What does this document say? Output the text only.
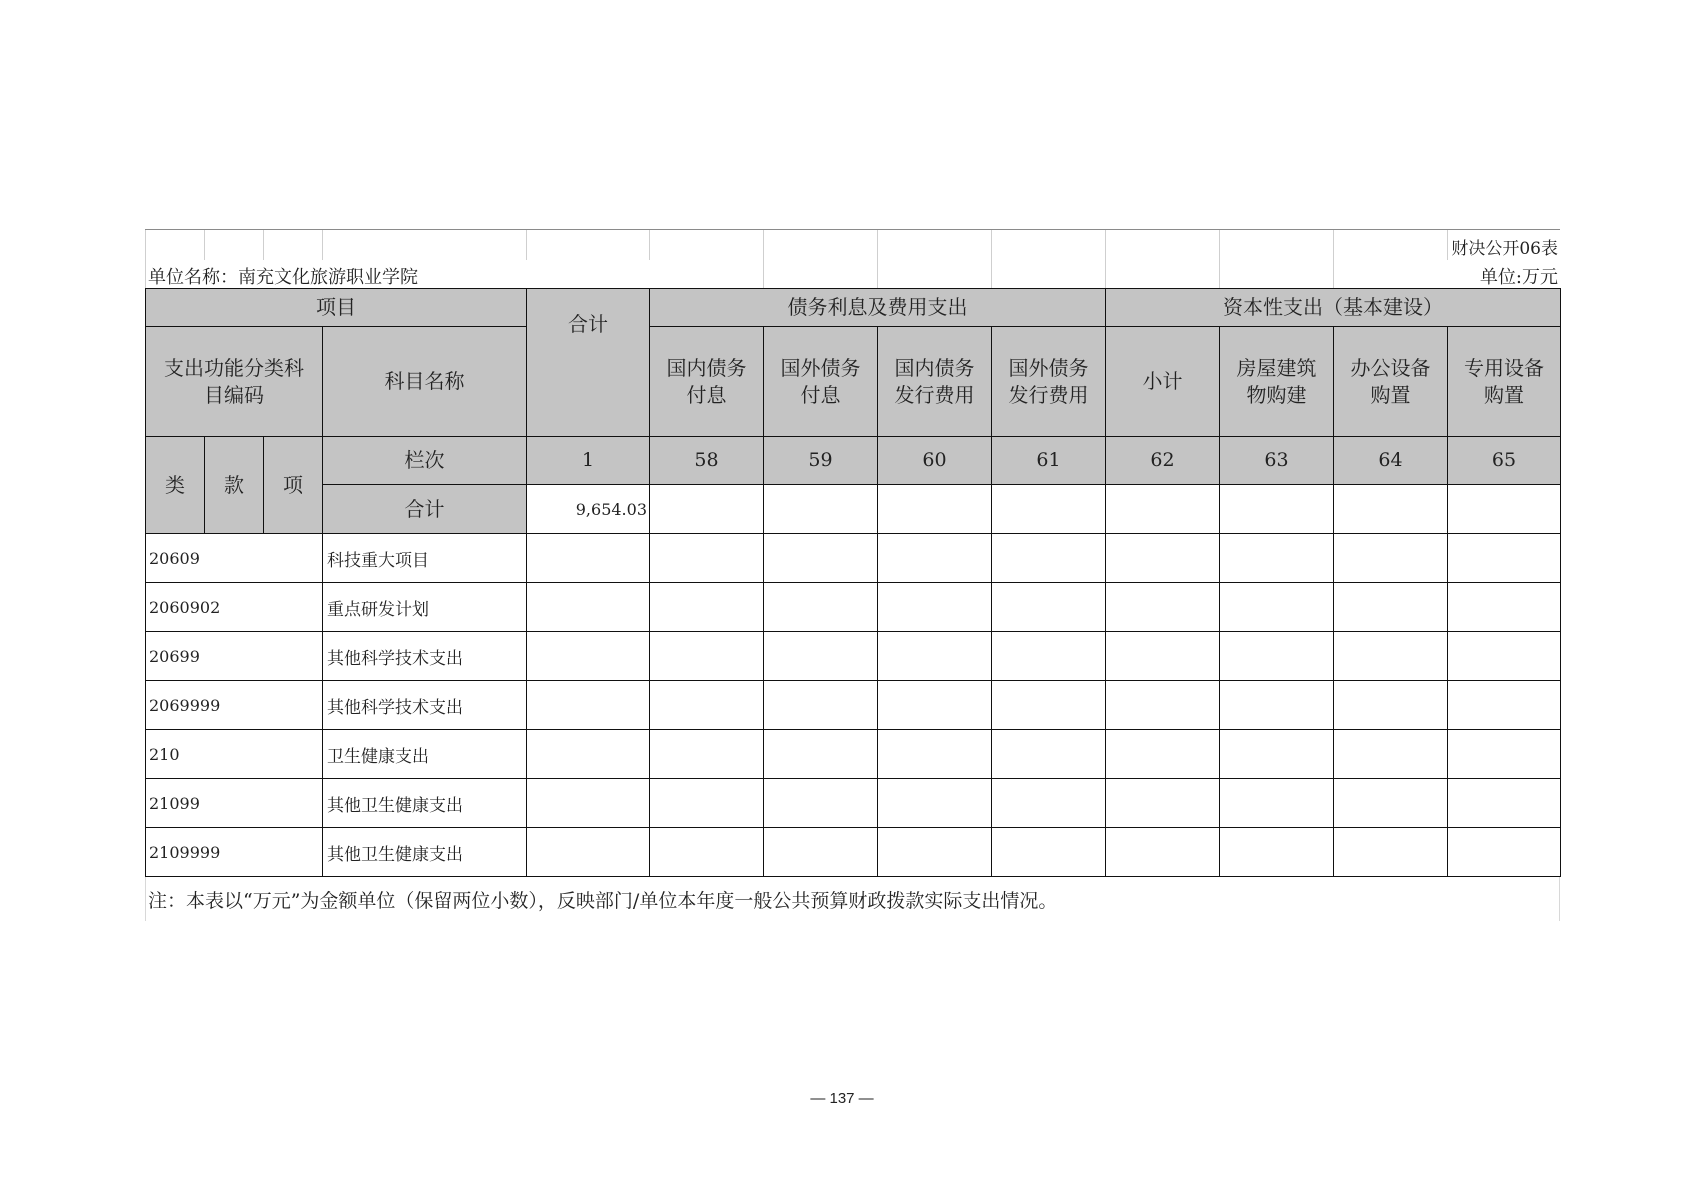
财决公开06表
单位名称：南充文化旅游职业学院	单位:万元
项目				合计	债务利息及费用支出				资本性支出（基本建设）			
支出功能分类科目编码			科目名称		国内债务付息	国外债务付息	国内债务发行费用	国外债务发行费用	小计	房屋建筑物购建	办公设备购置	专用设备购置
类	款	项	栏次	1	58	59	60	61	62	63	64	65
			合计	9,654.03								
20609			科技重大项目									
2060902			重点研发计划									
20699			其他科学技术支出									
2069999			其他科学技术支出									
210			卫生健康支出									
21099			其他卫生健康支出									
2109999			其他卫生健康支出									
注：本表以“万元”为金额单位（保留两位小数），反映部门/单位本年度一般公共预算财政拨款实际支出情况。
— 137 —
